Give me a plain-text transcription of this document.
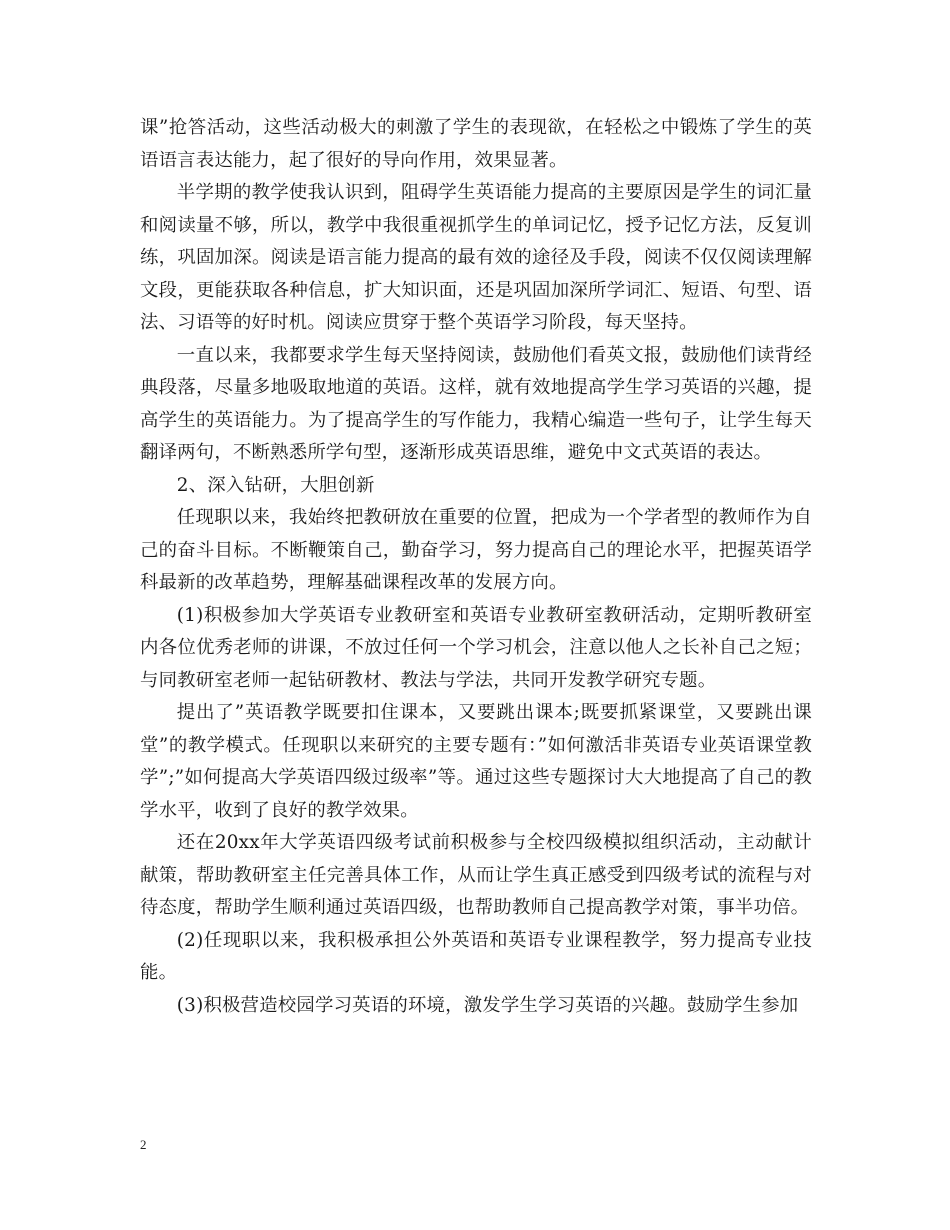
课”抢答活动，这些活动极大的刺激了学生的表现欲，在轻松之中锻炼了学生的英语语言表达能力，起了很好的导向作用，效果显著。

半学期的教学使我认识到，阻碍学生英语能力提高的主要原因是学生的词汇量和阅读量不够，所以，教学中我很重视抓学生的单词记忆，授予记忆方法，反复训练，巩固加深。阅读是语言能力提高的最有效的途径及手段，阅读不仅仅阅读理解文段，更能获取各种信息，扩大知识面，还是巩固加深所学词汇、短语、句型、语法、习语等的好时机。阅读应贯穿于整个英语学习阶段，每天坚持。

一直以来，我都要求学生每天坚持阅读，鼓励他们看英文报，鼓励他们读背经典段落，尽量多地吸取地道的英语。这样，就有效地提高学生学习英语的兴趣，提高学生的英语能力。为了提高学生的写作能力，我精心编造一些句子，让学生每天翻译两句，不断熟悉所学句型，逐渐形成英语思维，避免中文式英语的表达。

2、深入钻研，大胆创新

任现职以来，我始终把教研放在重要的位置，把成为一个学者型的教师作为自己的奋斗目标。不断鞭策自己，勤奋学习，努力提高自己的理论水平，把握英语学科最新的改革趋势，理解基础课程改革的发展方向。

(1)积极参加大学英语专业教研室和英语专业教研室教研活动，定期听教研室内各位优秀老师的讲课，不放过任何一个学习机会，注意以他人之长补自己之短；与同教研室老师一起钻研教材、教法与学法，共同开发教学研究专题。

提出了”英语教学既要扣住课本，又要跳出课本;既要抓紧课堂，又要跳出课堂”的教学模式。任现职以来研究的主要专题有：”如何激活非英语专业英语课堂教学”;”如何提高大学英语四级过级率”等。通过这些专题探讨大大地提高了自己的教学水平，收到了良好的教学效果。

还在20xx年大学英语四级考试前积极参与全校四级模拟组织活动，主动献计献策，帮助教研室主任完善具体工作，从而让学生真正感受到四级考试的流程与对待态度，帮助学生顺利通过英语四级，也帮助教师自己提高教学对策，事半功倍。

(2)任现职以来，我积极承担公外英语和英语专业课程教学，努力提高专业技能。

(3)积极营造校园学习英语的环境，激发学生学习英语的兴趣。鼓励学生参加

2
